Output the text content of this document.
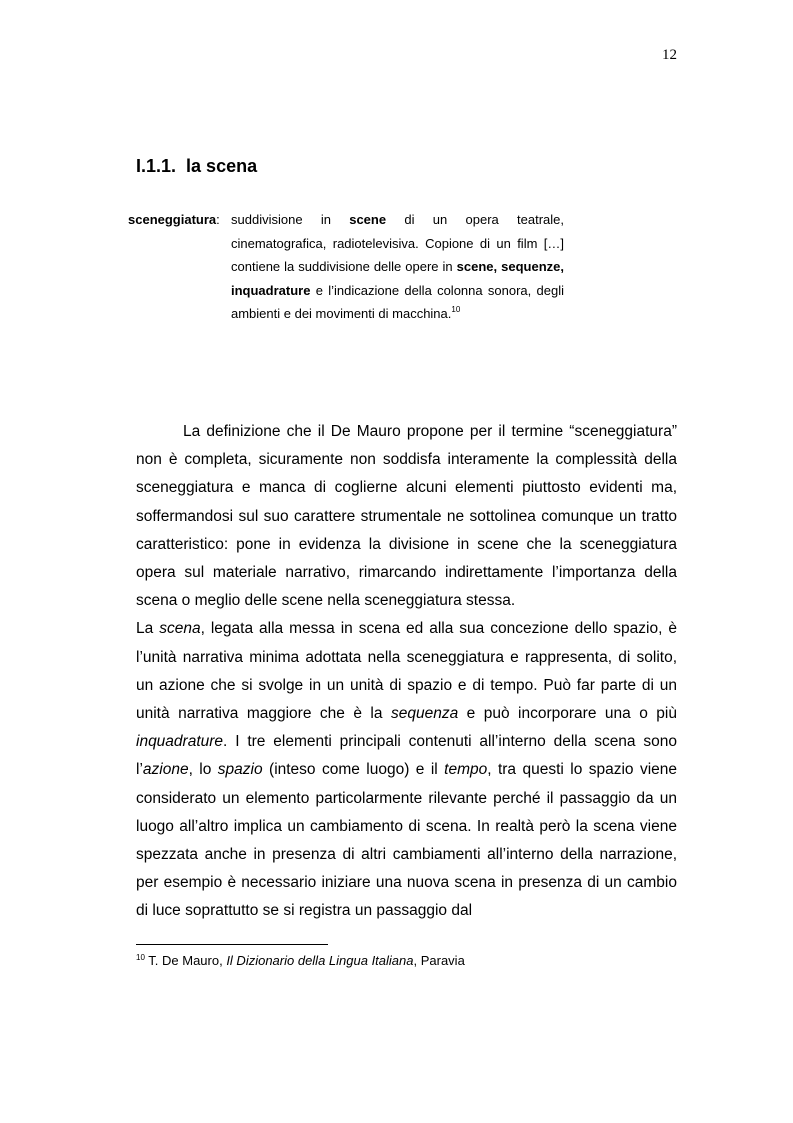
12
I.1.1. la scena
sceneggiatura: suddivisione in scene di un opera teatrale, cinematografica, radiotelevisiva. Copione di un film […] contiene la suddivisione delle opere in scene, sequenze, inquadrature e l’indicazione della colonna sonora, degli ambienti e dei movimenti di macchina.$^{10}$

La definizione che il De Mauro propone per il termine “sceneggiatura” non è completa, sicuramente non soddisfa interamente la complessità della sceneggiatura e manca di coglierne alcuni elementi piuttosto evidenti ma, soffermandosi sul suo carattere strumentale ne sottolinea comunque un tratto caratteristico: pone in evidenza la divisione in scene che la sceneggiatura opera sul materiale narrativo, rimarcando indirettamente l’importanza della scena o meglio delle scene nella sceneggiatura stessa.

La scena, legata alla messa in scena ed alla sua concezione dello spazio, è l’unità narrativa minima adottata nella sceneggiatura e rappresenta, di solito, un azione che si svolge in un unità di spazio e di tempo. Può far parte di un unità narrativa maggiore che è la sequenza e può incorporare una o più inquadrature. I tre elementi principali contenuti all’interno della scena sono l’azione, lo spazio (inteso come luogo) e il tempo, tra questi lo spazio viene considerato un elemento particolarmente rilevante perché il passaggio da un luogo all’altro implica un cambiamento di scena. In realtà però la scena viene spezzata anche in presenza di altri cambiamenti all’interno della narrazione, per esempio è necessario iniziare una nuova scena in presenza di un cambio di luce soprattutto se si registra un passaggio dal

$^{10}$ T. De Mauro, Il Dizionario della Lingua Italiana, Paravia
